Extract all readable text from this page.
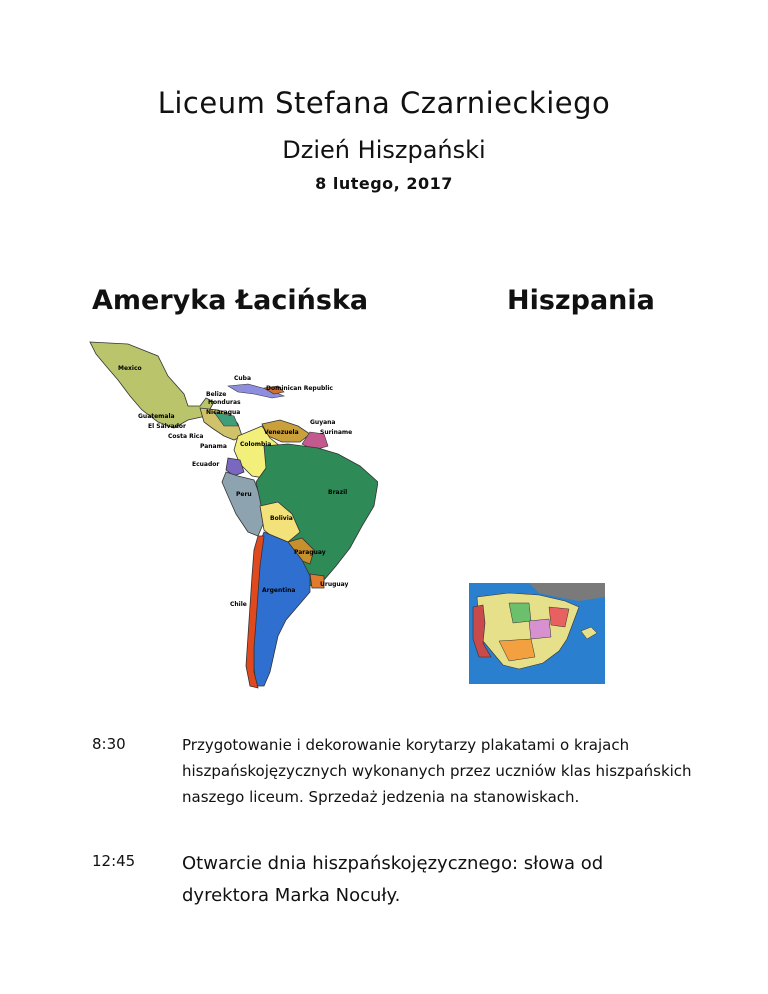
Liceum Stefana Czarnieckiego
Dzień Hiszpański
8 lutego, 2017
Ameryka Łacińska	Hiszpania
Mexico
Cuba
Dominican Republic
Belize
Honduras
Guatemala
Nicaragua
El Salvador
Costa Rica
Panama
Venezuela
Guyana
Suriname
Colombia
Ecuador
Peru	Brazil
Bolivia
Paraguay
Uruguay
Argentina
Chile
8:30	Przygotowanie i dekorowanie korytarzy plakatami o krajach hiszpańskojęzycznych wykonanych przez uczniów klas hiszpańskich naszego liceum. Sprzedaż jedzenia na stanowiskach.
12:45	Otwarcie dnia hiszpańskojęzycznego: słowa od dyrektora Marka Nocuły.
